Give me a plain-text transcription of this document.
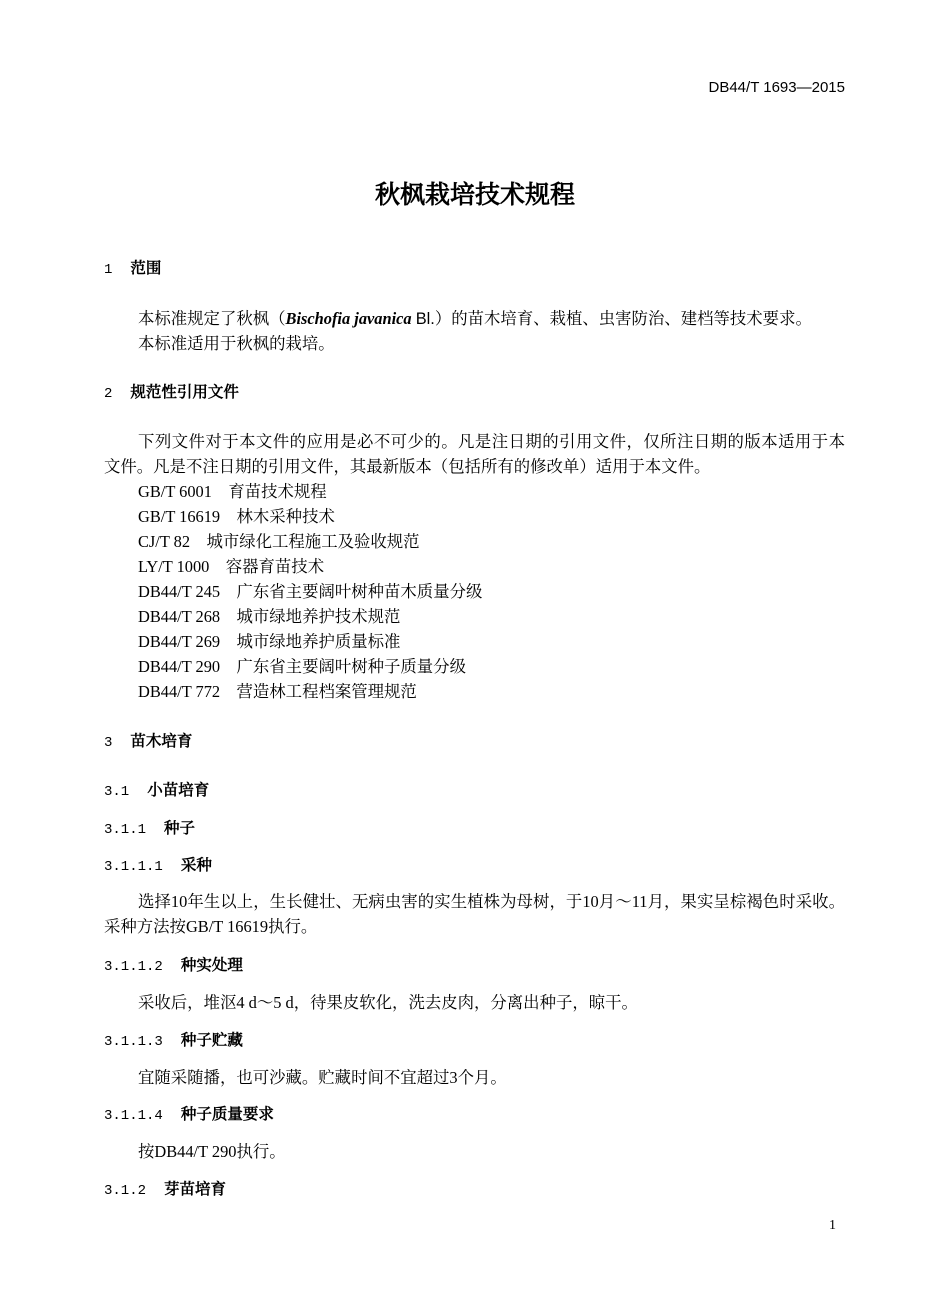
DB44/T 1693—2015
秋枫栽培技术规程
1 范围
本标准规定了秋枫（Bischofia javanica Bl.）的苗木培育、栽植、虫害防治、建档等技术要求。
本标准适用于秋枫的栽培。
2 规范性引用文件
下列文件对于本文件的应用是必不可少的。凡是注日期的引用文件，仅所注日期的版本适用于本
文件。凡是不注日期的引用文件，其最新版本（包括所有的修改单）适用于本文件。
GB/T 6001 育苗技术规程
GB/T 16619 林木采种技术
CJ/T 82 城市绿化工程施工及验收规范
LY/T 1000 容器育苗技术
DB44/T 245 广东省主要阔叶树种苗木质量分级
DB44/T 268 城市绿地养护技术规范
DB44/T 269 城市绿地养护质量标准
DB44/T 290 广东省主要阔叶树种子质量分级
DB44/T 772 营造林工程档案管理规范
3 苗木培育
3.1 小苗培育
3.1.1 种子
3.1.1.1 采种
选择10年生以上，生长健壮、无病虫害的实生植株为母树，于10月～11月，果实呈棕褐色时采收。
采种方法按GB/T 16619执行。
3.1.1.2 种实处理
采收后，堆沤4 d～5 d，待果皮软化，洗去皮肉，分离出种子，晾干。
3.1.1.3 种子贮藏
宜随采随播，也可沙藏。贮藏时间不宜超过3个月。
3.1.1.4 种子质量要求
按DB44/T 290执行。
3.1.2 芽苗培育
1
